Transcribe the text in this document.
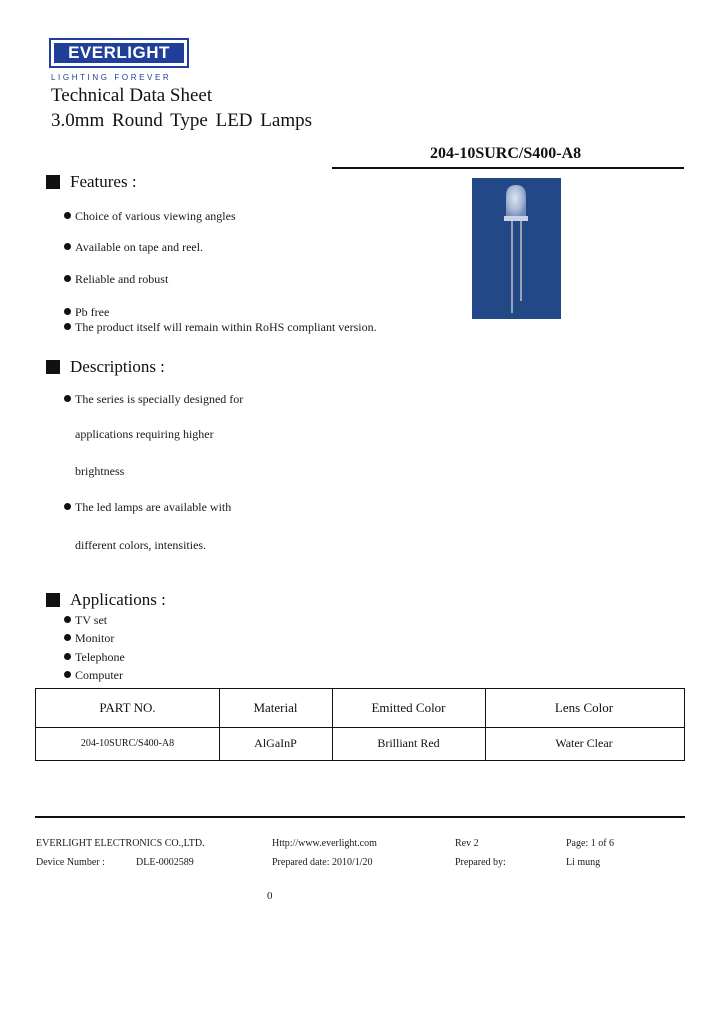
EVERLIGHT
LIGHTING FOREVER
Technical Data Sheet
3.0mm Round Type LED Lamps
204-10SURC/S400-A8
Features :
Choice of various viewing angles
Available on tape and reel.
Reliable and robust
Pb free
The product itself will remain within RoHS compliant version.
Descriptions :
The series is specially designed for
applications requiring higher
brightness
The led lamps are available with
different colors, intensities.
Applications :
TV set
Monitor
Telephone
Computer
PART NO.	Material	Emitted Color	Lens Color
204-10SURC/S400-A8	AlGaInP	Brilliant Red	Water Clear
EVERLIGHT ELECTRONICS CO.,LTD.	Http://www.everlight.com	Rev 2	Page: 1 of 6
Device Number :	DLE-0002589	Prepared date: 2010/1/20	Prepared by:	Li mung
0
